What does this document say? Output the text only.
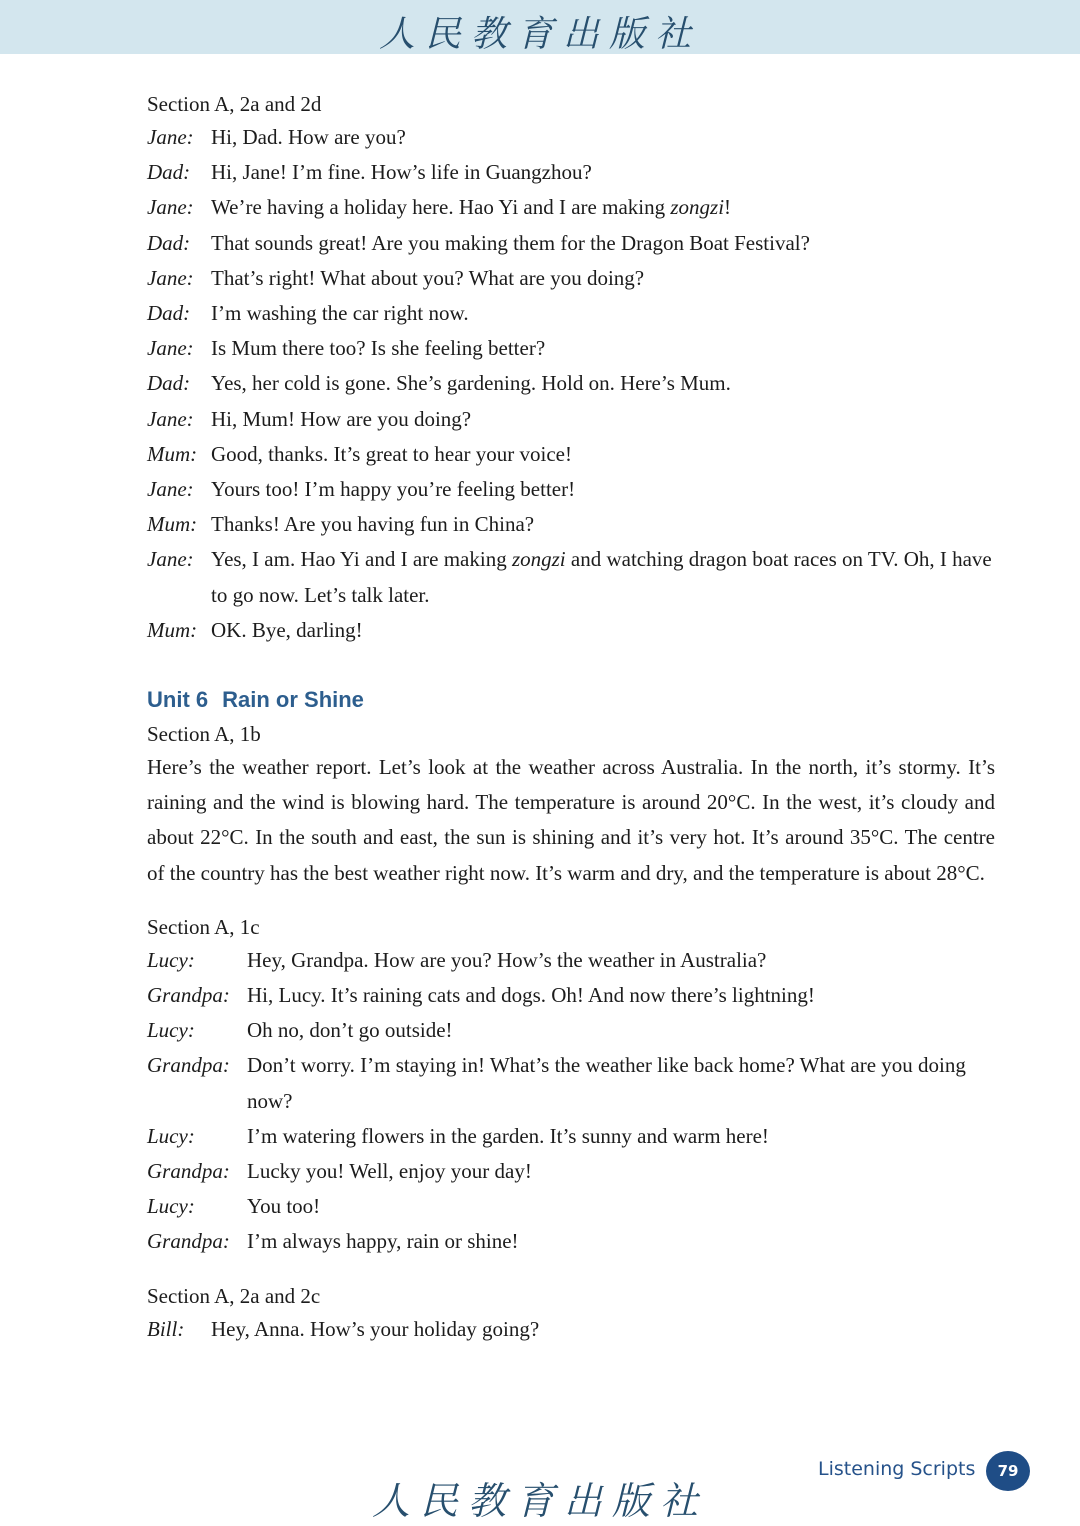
人民教育出版社
Section A, 2a and 2d
Jane: Hi, Dad. How are you?
Dad: Hi, Jane! I’m fine. How’s life in Guangzhou?
Jane: We’re having a holiday here. Hao Yi and I are making zongzi!
Dad: That sounds great! Are you making them for the Dragon Boat Festival?
Jane: That’s right! What about you? What are you doing?
Dad: I’m washing the car right now.
Jane: Is Mum there too? Is she feeling better?
Dad: Yes, her cold is gone. She’s gardening. Hold on. Here’s Mum.
Jane: Hi, Mum! How are you doing?
Mum: Good, thanks. It’s great to hear your voice!
Jane: Yours too! I’m happy you’re feeling better!
Mum: Thanks! Are you having fun in China?
Jane: Yes, I am. Hao Yi and I are making zongzi and watching dragon boat races on TV. Oh, I have to go now. Let’s talk later.
Mum: OK. Bye, darling!
Unit 6 Rain or Shine
Section A, 1b
Here’s the weather report. Let’s look at the weather across Australia. In the north, it’s stormy. It’s raining and the wind is blowing hard. The temperature is around 20°C. In the west, it’s cloudy and about 22°C. In the south and east, the sun is shining and it’s very hot. It’s around 35°C. The centre of the country has the best weather right now. It’s warm and dry, and the temperature is about 28°C.
Section A, 1c
Lucy:	Hey, Grandpa. How are you? How’s the weather in Australia?
Grandpa: Hi, Lucy. It’s raining cats and dogs. Oh! And now there’s lightning!
Lucy:	Oh no, don’t go outside!
Grandpa: Don’t worry. I’m staying in! What’s the weather like back home? What are you doing now?
Lucy:	I’m watering flowers in the garden. It’s sunny and warm here!
Grandpa: Lucky you! Well, enjoy your day!
Lucy:	You too!
Grandpa: I’m always happy, rain or shine!
Section A, 2a and 2c
Bill:	Hey, Anna. How’s your holiday going?
人民教育出版社
Listening Scripts	79
